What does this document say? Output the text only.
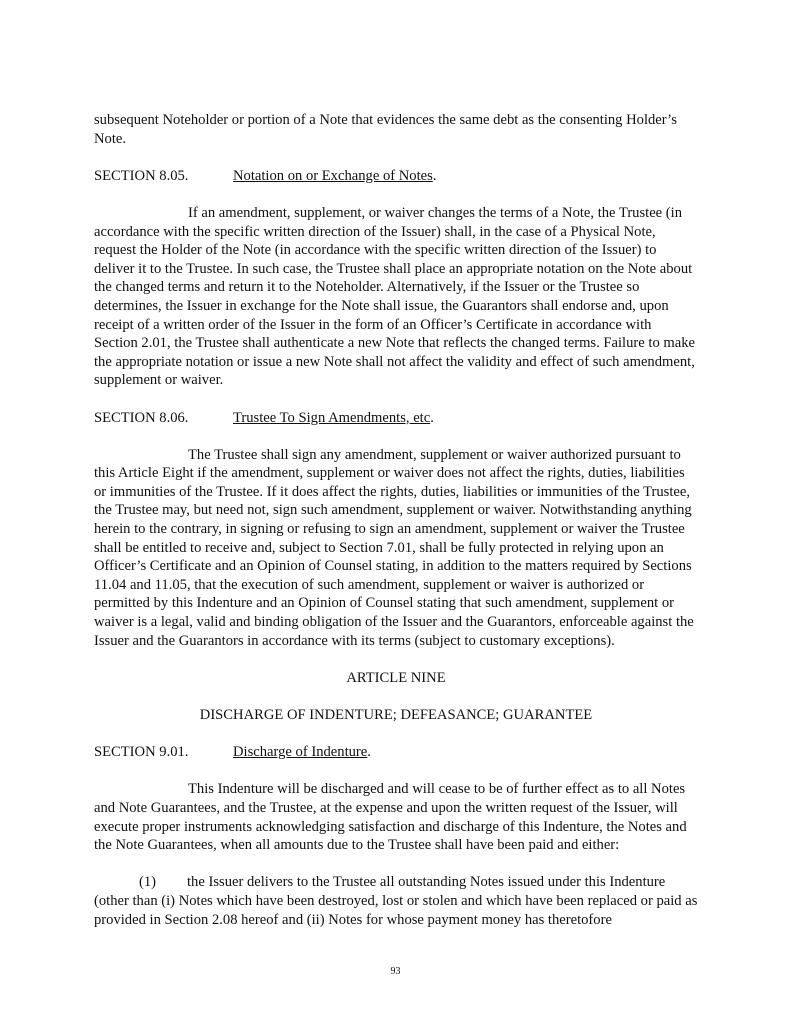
subsequent Noteholder or portion of a Note that evidences the same debt as the consenting Holder’s Note.

SECTION 8.05.	Notation on or Exchange of Notes.

If an amendment, supplement, or waiver changes the terms of a Note, the Trustee (in accordance with the specific written direction of the Issuer) shall, in the case of a Physical Note, request the Holder of the Note (in accordance with the specific written direction of the Issuer) to deliver it to the Trustee. In such case, the Trustee shall place an appropriate notation on the Note about the changed terms and return it to the Noteholder. Alternatively, if the Issuer or the Trustee so determines, the Issuer in exchange for the Note shall issue, the Guarantors shall endorse and, upon receipt of a written order of the Issuer in the form of an Officer’s Certificate in accordance with Section 2.01, the Trustee shall authenticate a new Note that reflects the changed terms. Failure to make the appropriate notation or issue a new Note shall not affect the validity and effect of such amendment, supplement or waiver.

SECTION 8.06.	Trustee To Sign Amendments, etc.

The Trustee shall sign any amendment, supplement or waiver authorized pursuant to this Article Eight if the amendment, supplement or waiver does not affect the rights, duties, liabilities or immunities of the Trustee. If it does affect the rights, duties, liabilities or immunities of the Trustee, the Trustee may, but need not, sign such amendment, supplement or waiver. Notwithstanding anything herein to the contrary, in signing or refusing to sign an amendment, supplement or waiver the Trustee shall be entitled to receive and, subject to Section 7.01, shall be fully protected in relying upon an Officer’s Certificate and an Opinion of Counsel stating, in addition to the matters required by Sections 11.04 and 11.05, that the execution of such amendment, supplement or waiver is authorized or permitted by this Indenture and an Opinion of Counsel stating that such amendment, supplement or waiver is a legal, valid and binding obligation of the Issuer and the Guarantors, enforceable against the Issuer and the Guarantors in accordance with its terms (subject to customary exceptions).

ARTICLE NINE

DISCHARGE OF INDENTURE; DEFEASANCE; GUARANTEE

SECTION 9.01.	Discharge of Indenture.

This Indenture will be discharged and will cease to be of further effect as to all Notes and Note Guarantees, and the Trustee, at the expense and upon the written request of the Issuer, will execute proper instruments acknowledging satisfaction and discharge of this Indenture, the Notes and the Note Guarantees, when all amounts due to the Trustee shall have been paid and either:

(1) the Issuer delivers to the Trustee all outstanding Notes issued under this Indenture (other than (i) Notes which have been destroyed, lost or stolen and which have been replaced or paid as provided in Section 2.08 hereof and (ii) Notes for whose payment money has theretofore

93
